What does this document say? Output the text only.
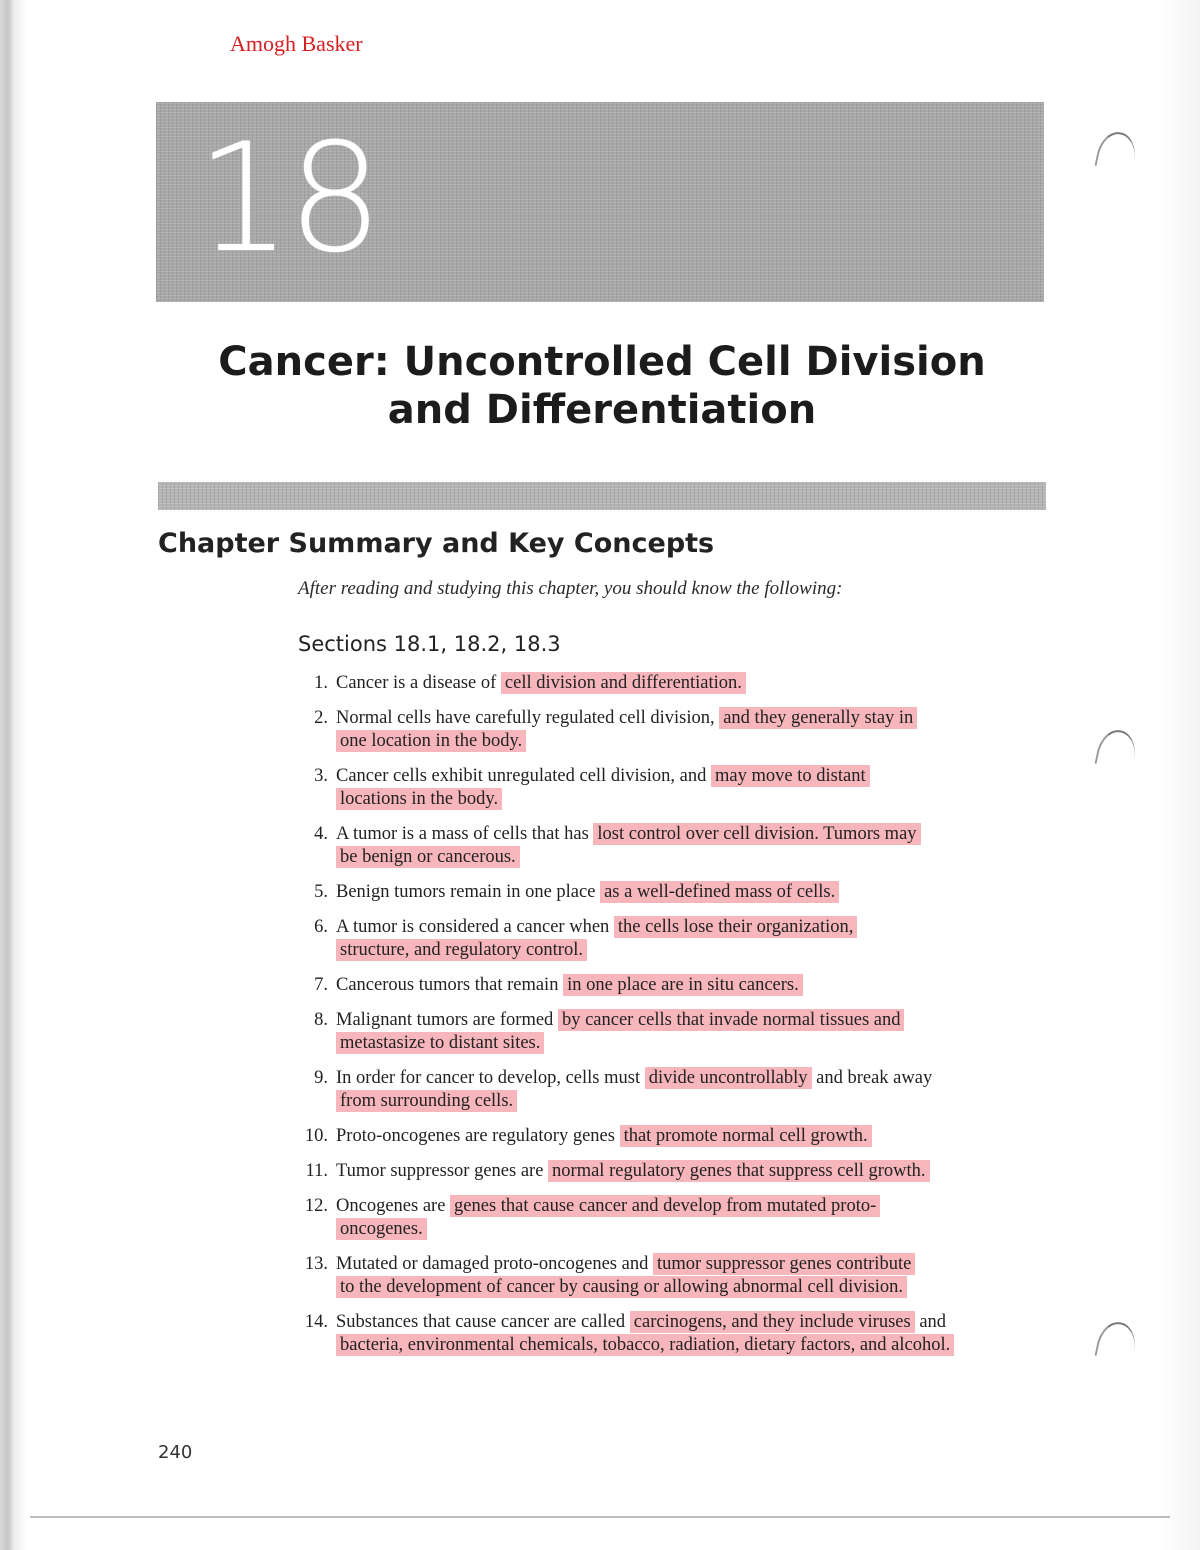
Amogh Basker
18
Cancer: Uncontrolled Cell Division
and Differentiation
Chapter Summary and Key Concepts
After reading and studying this chapter, you should know the following:
Sections 18.1, 18.2, 18.3
1. Cancer is a disease of cell division and differentiation.
2. Normal cells have carefully regulated cell division, and they generally stay in
one location in the body.
3. Cancer cells exhibit unregulated cell division, and may move to distant
locations in the body.
4. A tumor is a mass of cells that has lost control over cell division. Tumors may
be benign or cancerous.
5. Benign tumors remain in one place as a well-defined mass of cells.
6. A tumor is considered a cancer when the cells lose their organization,
structure, and regulatory control.
7. Cancerous tumors that remain in one place are in situ cancers.
8. Malignant tumors are formed by cancer cells that invade normal tissues and
metastasize to distant sites.
9. In order for cancer to develop, cells must divide uncontrollably and break away
from surrounding cells.
10. Proto-oncogenes are regulatory genes that promote normal cell growth.
11. Tumor suppressor genes are normal regulatory genes that suppress cell growth.
12. Oncogenes are genes that cause cancer and develop from mutated proto-
oncogenes.
13. Mutated or damaged proto-oncogenes and tumor suppressor genes contribute
to the development of cancer by causing or allowing abnormal cell division.
14. Substances that cause cancer are called carcinogens, and they include viruses and
bacteria, environmental chemicals, tobacco, radiation, dietary factors, and alcohol.
240
